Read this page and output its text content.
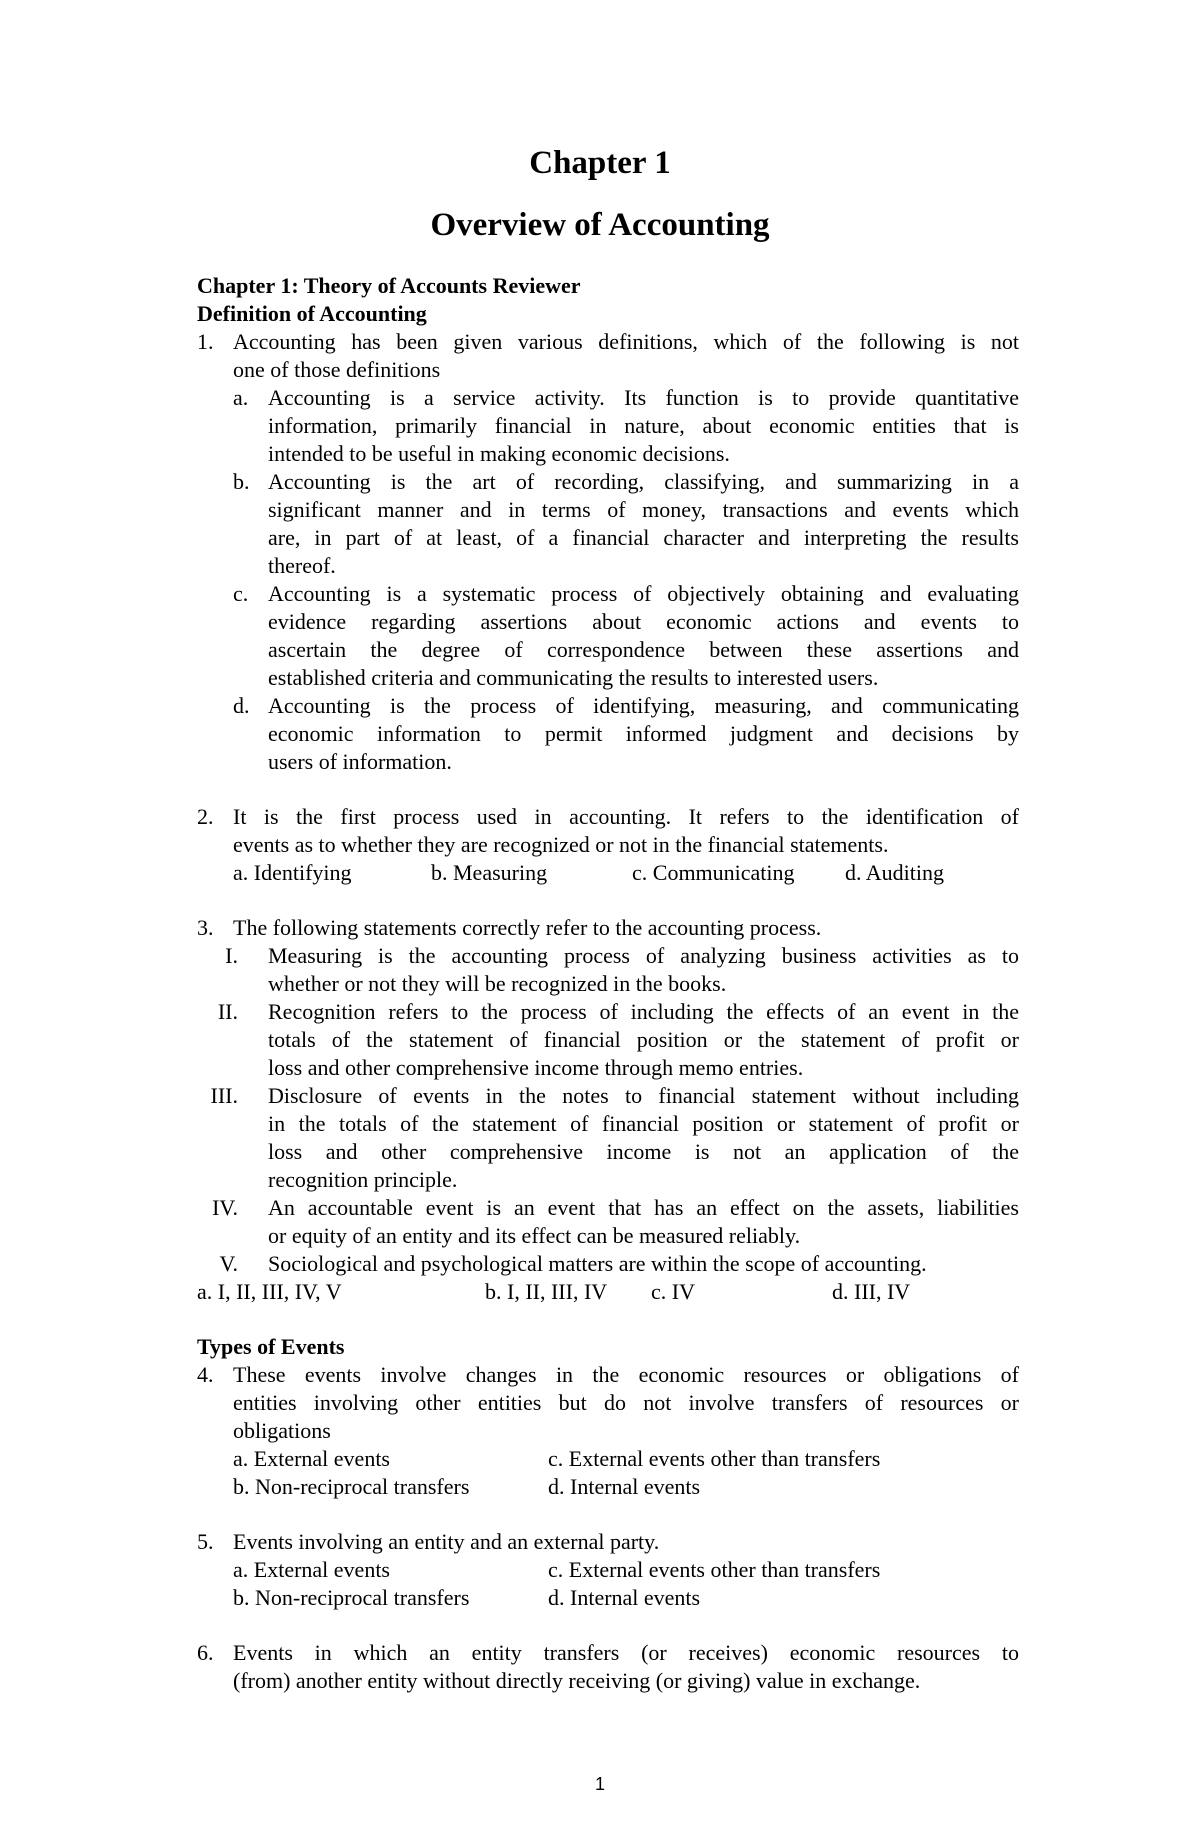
Chapter 1
Overview of Accounting
Chapter 1: Theory of Accounts Reviewer
Definition of Accounting
1. Accounting has been given various definitions, which of the following is not
one of those definitions
a. Accounting is a service activity. Its function is to provide quantitative
information, primarily financial in nature, about economic entities that is
intended to be useful in making economic decisions.
b. Accounting is the art of recording, classifying, and summarizing in a
significant manner and in terms of money, transactions and events which
are, in part of at least, of a financial character and interpreting the results
thereof.
c. Accounting is a systematic process of objectively obtaining and evaluating
evidence regarding assertions about economic actions and events to
ascertain the degree of correspondence between these assertions and
established criteria and communicating the results to interested users.
d. Accounting is the process of identifying, measuring, and communicating
economic information to permit informed judgment and decisions by
users of information.
2. It is the first process used in accounting. It refers to the identification of
events as to whether they are recognized or not in the financial statements.
a. Identifying	b. Measuring	c. Communicating d. Auditing
3. The following statements correctly refer to the accounting process.
I. Measuring is the accounting process of analyzing business activities as to
whether or not they will be recognized in the books.
II. Recognition refers to the process of including the effects of an event in the
totals of the statement of financial position or the statement of profit or
loss and other comprehensive income through memo entries.
III. Disclosure of events in the notes to financial statement without including
in the totals of the statement of financial position or statement of profit or
loss and other comprehensive income is not an application of the
recognition principle.
IV. An accountable event is an event that has an effect on the assets, liabilities
or equity of an entity and its effect can be measured reliably.
V. Sociological and psychological matters are within the scope of accounting.
a. I, II, III, IV, V	b. I, II, III, IV c. IV	d. III, IV
Types of Events
4. These events involve changes in the economic resources or obligations of
entities involving other entities but do not involve transfers of resources or
obligations
a. External events	c. External events other than transfers
b. Non-reciprocal transfers	d. Internal events
5. Events involving an entity and an external party.
a. External events	c. External events other than transfers
b. Non-reciprocal transfers	d. Internal events
6. Events in which an entity transfers (or receives) economic resources to
(from) another entity without directly receiving (or giving) value in exchange.
1
